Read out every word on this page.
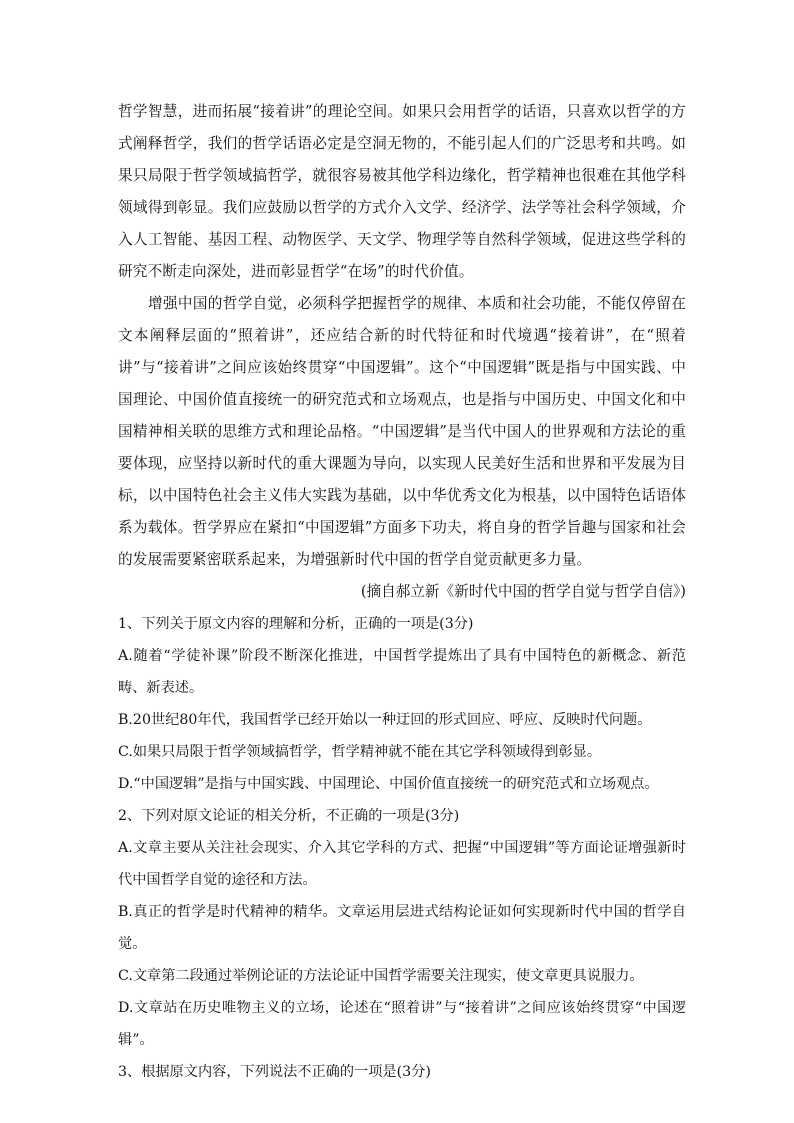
哲学智慧，进而拓展“接着讲”的理论空间。如果只会用哲学的话语，只喜欢以哲学的方式阐释哲学，我们的哲学话语必定是空洞无物的，不能引起人们的广泛思考和共鸣。如果只局限于哲学领域搞哲学，就很容易被其他学科边缘化，哲学精神也很难在其他学科领域得到彰显。我们应鼓励以哲学的方式介入文学、经济学、法学等社会科学领域，介入人工智能、基因工程、动物医学、天文学、物理学等自然科学领域，促进这些学科的研究不断走向深处，进而彰显哲学“在场”的时代价值。

增强中国的哲学自觉，必须科学把握哲学的规律、本质和社会功能，不能仅停留在文本阐释层面的“照着讲”，还应结合新的时代特征和时代境遇“接着讲”，在“照着讲”与“接着讲”之间应该始终贯穿“中国逻辑”。这个“中国逻辑”既是指与中国实践、中国理论、中国价值直接统一的研究范式和立场观点，也是指与中国历史、中国文化和中国精神相关联的思维方式和理论品格。“中国逻辑”是当代中国人的世界观和方法论的重要体现，应坚持以新时代的重大课题为导向，以实现人民美好生活和世界和平发展为目标，以中国特色社会主义伟大实践为基础，以中华优秀文化为根基，以中国特色话语体系为载体。哲学界应在紧扣“中国逻辑”方面多下功夫，将自身的哲学旨趣与国家和社会的发展需要紧密联系起来，为增强新时代中国的哲学自觉贡献更多力量。

(摘自郝立新《新时代中国的哲学自觉与哲学自信》)

1、下列关于原文内容的理解和分析，正确的一项是(3分)

A.随着“学徒补课”阶段不断深化推进，中国哲学提炼出了具有中国特色的新概念、新范畴、新表述。

B.20世纪80年代，我国哲学已经开始以一种迂回的形式回应、呼应、反映时代问题。

C.如果只局限于哲学领域搞哲学，哲学精神就不能在其它学科领域得到彰显。

D.“中国逻辑”是指与中国实践、中国理论、中国价值直接统一的研究范式和立场观点。

2、下列对原文论证的相关分析，不正确的一项是(3分)

A.文章主要从关注社会现实、介入其它学科的方式、把握“中国逻辑”等方面论证增强新时代中国哲学自觉的途径和方法。

B.真正的哲学是时代精神的精华。文章运用层进式结构论证如何实现新时代中国的哲学自觉。

C.文章第二段通过举例论证的方法论证中国哲学需要关注现实，使文章更具说服力。

D.文章站在历史唯物主义的立场，论述在“照着讲”与“接着讲”之间应该始终贯穿“中国逻辑”。

3、根据原文内容，下列说法不正确的一项是(3分)
